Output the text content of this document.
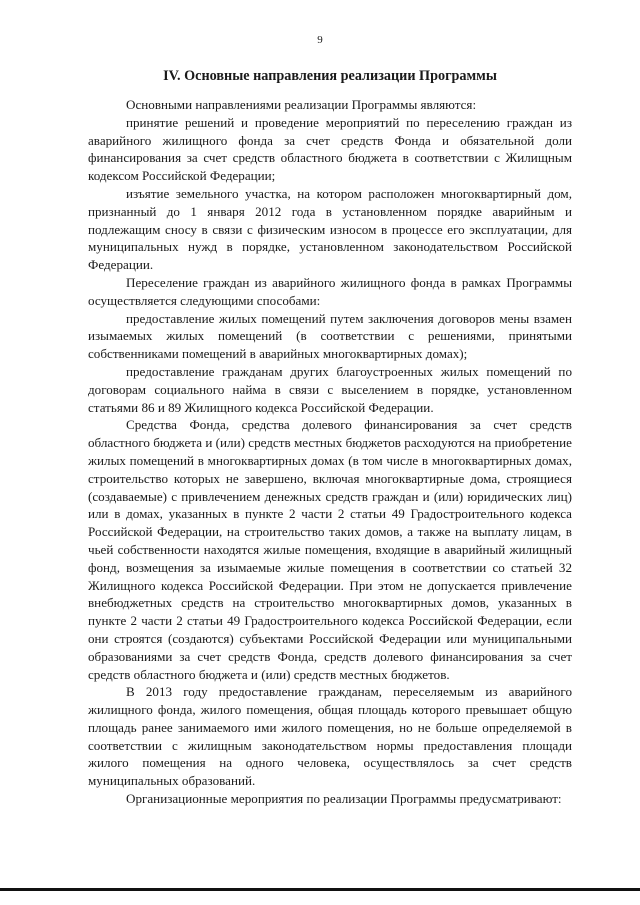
9
IV. Основные направления реализации Программы

Основными направлениями реализации Программы являются:

принятие решений и проведение мероприятий по переселению граждан из аварийного жилищного фонда за счет средств Фонда и обязательной доли финансирования за счет средств областного бюджета в соответствии с Жилищным кодексом Российской Федерации;

изъятие земельного участка, на котором расположен многоквартирный дом, признанный до 1 января 2012 года в установленном порядке аварийным и подлежащим сносу в связи с физическим износом в процессе его эксплуатации, для муниципальных нужд в порядке, установленном законодательством Российской Федерации.

Переселение граждан из аварийного жилищного фонда в рамках Программы осуществляется следующими способами:

предоставление жилых помещений путем заключения договоров мены взамен изымаемых жилых помещений (в соответствии с решениями, принятыми собственниками помещений в аварийных многоквартирных домах);

предоставление гражданам других благоустроенных жилых помещений по договорам социального найма в связи с выселением в порядке, установленном статьями 86 и 89 Жилищного кодекса Российской Федерации.

Средства Фонда, средства долевого финансирования за счет средств областного бюджета и (или) средств местных бюджетов расходуются на приобретение жилых помещений в многоквартирных домах (в том числе в многоквартирных домах, строительство которых не завершено, включая многоквартирные дома, строящиеся (создаваемые) с привлечением денежных средств граждан и (или) юридических лиц) или в домах, указанных в пункте 2 части 2 статьи 49 Градостроительного кодекса Российской Федерации, на строительство таких домов, а также на выплату лицам, в чьей собственности находятся жилые помещения, входящие в аварийный жилищный фонд, возмещения за изымаемые жилые помещения в соответствии со статьей 32 Жилищного кодекса Российской Федерации. При этом не допускается привлечение внебюджетных средств на строительство многоквартирных домов, указанных в пункте 2 части 2 статьи 49 Градостроительного кодекса Российской Федерации, если они строятся (создаются) субъектами Российской Федерации или муниципальными образованиями за счет средств Фонда, средств долевого финансирования за счет средств областного бюджета и (или) средств местных бюджетов.

В 2013 году предоставление гражданам, переселяемым из аварийного жилищного фонда, жилого помещения, общая площадь которого превышает общую площадь ранее занимаемого ими жилого помещения, но не больше определяемой в соответствии с жилищным законодательством нормы предоставления площади жилого помещения на одного человека, осуществлялось за счет средств муниципальных образований.

Организационные мероприятия по реализации Программы предусматривают:
